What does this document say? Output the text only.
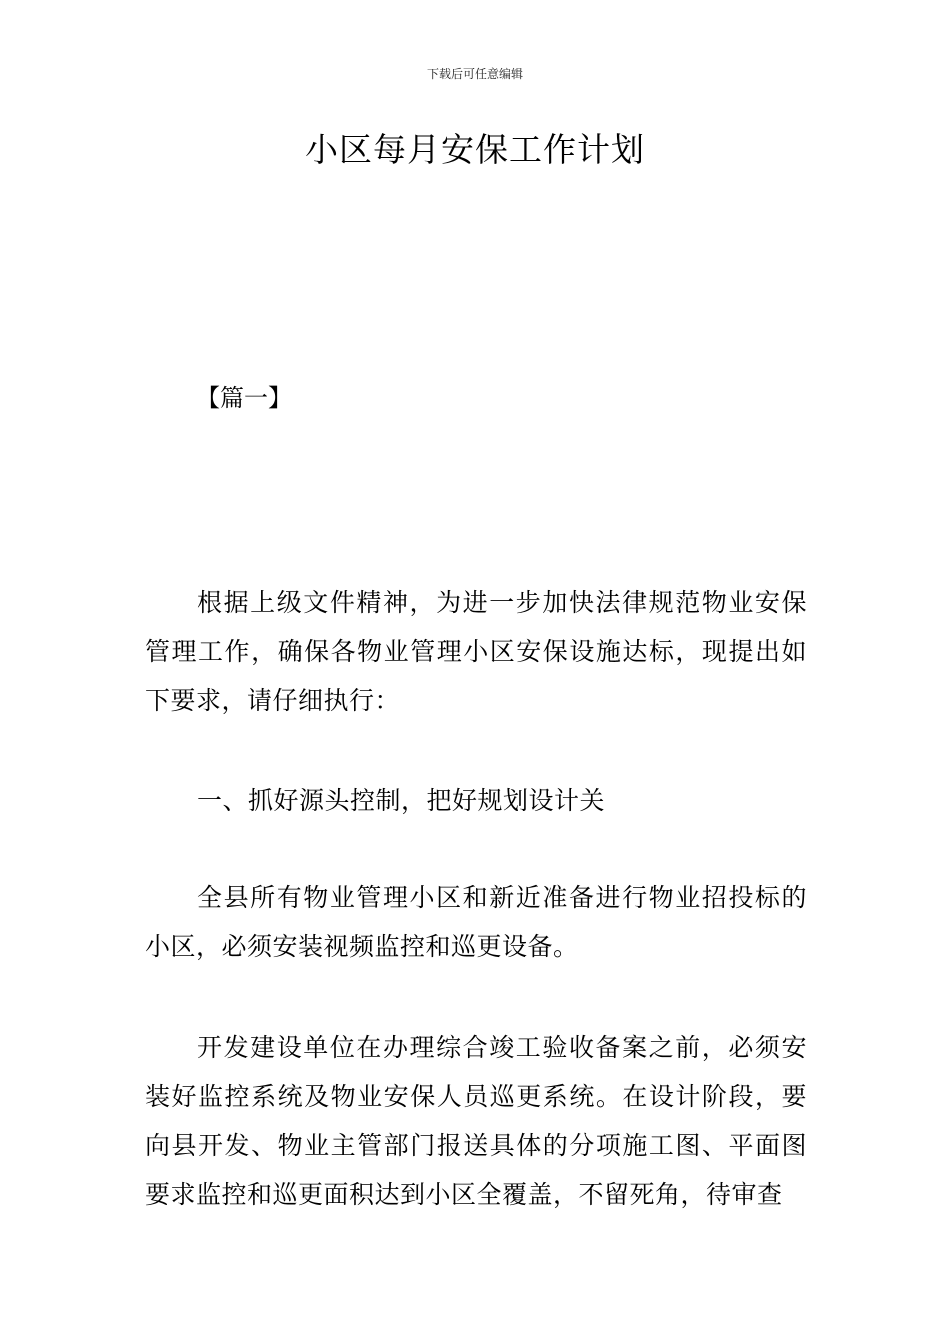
下载后可任意编辑
小区每月安保工作计划
【篇一】

根据上级文件精神，为进一步加快法律规范物业安保管理工作，确保各物业管理小区安保设施达标，现提出如下要求，请仔细执行：

一、抓好源头控制，把好规划设计关

全县所有物业管理小区和新近准备进行物业招投标的小区，必须安装视频监控和巡更设备。

开发建设单位在办理综合竣工验收备案之前，必须安装好监控系统及物业安保人员巡更系统。在设计阶段，要向县开发、物业主管部门报送具体的分项施工图、平面图要求监控和巡更面积达到小区全覆盖，不留死角，待审查
